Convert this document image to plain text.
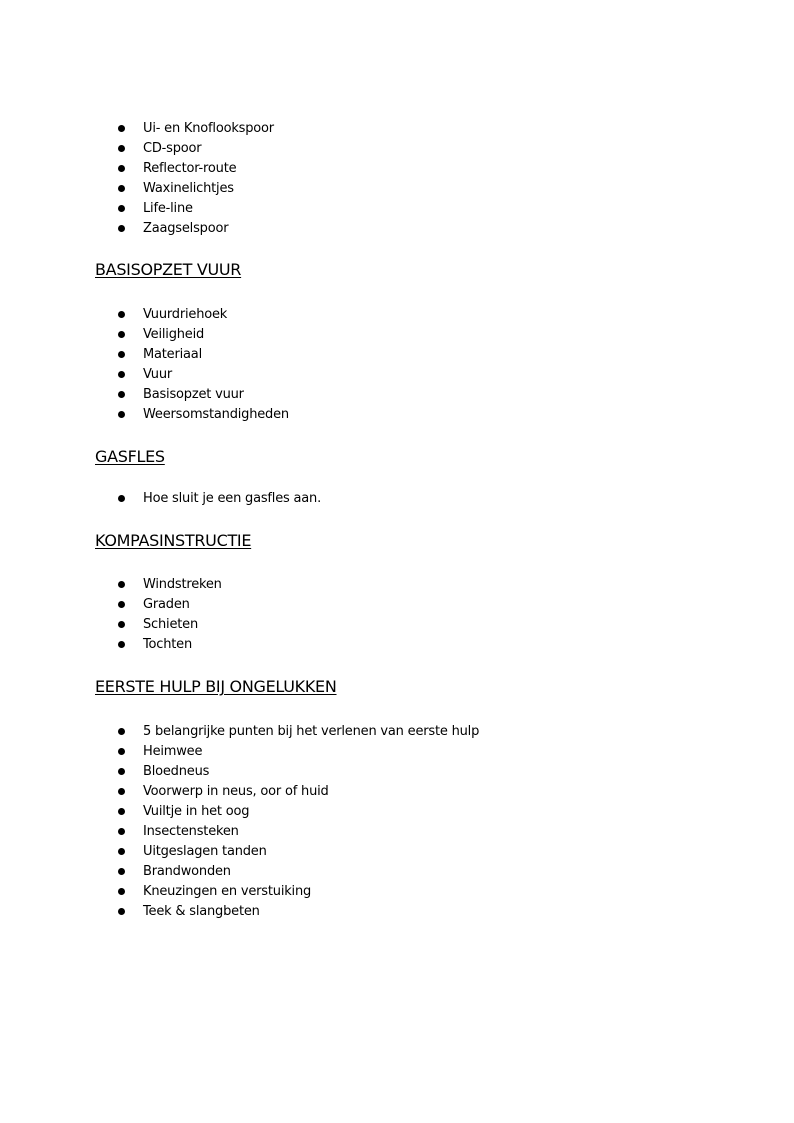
Ui- en Knoflookspoor
CD-spoor
Reflector-route
Waxinelichtjes
Life-line
Zaagselspoor
BASISOPZET VUUR
Vuurdriehoek
Veiligheid
Materiaal
Vuur
Basisopzet vuur
Weersomstandigheden
GASFLES
Hoe sluit je een gasfles aan.
KOMPASINSTRUCTIE
Windstreken
Graden
Schieten
Tochten
EERSTE HULP BIJ ONGELUKKEN
5 belangrijke punten bij het verlenen van eerste hulp
Heimwee
Bloedneus
Voorwerp in neus, oor of huid
Vuiltje in het oog
Insectensteken
Uitgeslagen tanden
Brandwonden
Kneuzingen en verstuiking
Teek & slangbeten
